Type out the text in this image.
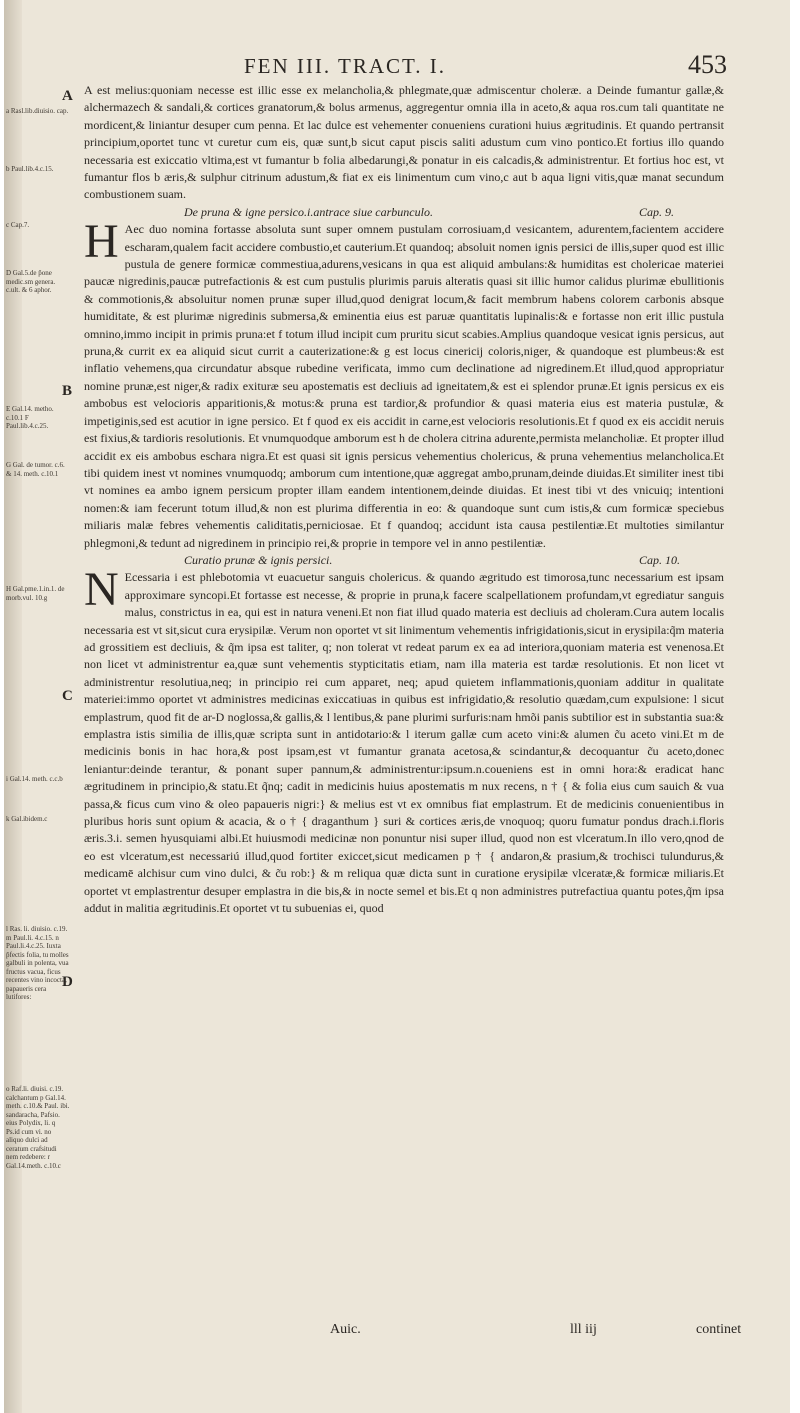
FEN III. TRACT. I.	453
a Rasl.lib.diuisio. cap.
b Paul.lib.4.c.15.
c Cap.7.
D Gal.5.de p̃one medic.sm genera. c.ult. & 6 aphor.
E Gal.14. metho. c.10.1 F Paul.lib.4.c.25.
G Gal. de tumor. c.6. & 14. meth. c.10.1
H Gal.pme.1.in.1. de morb.vul. 10.g
i Gal.14. meth. c.c.b
k Gal.ibidem.c
l Ras. li. diuisio. c.19. m Paul.li. 4.c.15. n Paul.li.4.c.25. Iuxta p̃fectis folia, tu molles galbuli in polenta, vua fructus vacua, ficus recentes vino incocta, papaueris cera lutifores:
o Raf.li. diuisi. c.19. calchantum p Gal.14. meth. c.10.& Paul. ibi. sandaracha, Pafsio. eius Polydix, li. q Ps.id cum vi. no aliquo dulci ad ceratum crafsitudi nem redebere: r Gal.14.meth. c.10.c
A
B
C
D

A est melius:quoniam necesse est illic esse ex melancholia,& phlegmate,quæ admiscentur choleræ. a Deinde fumantur gallæ,& alchermazech & sandali,& cortices granatorum,& bolus armenus, aggregentur omnia illa in aceto,& aqua ros.cum tali quantitate ne mordicent,& liniantur desuper cum penna. Et lac dulce est vehementer conueniens curationi huius ægritudinis. Et quando pertransit principium,oportet tunc vt curetur cum eis, quæ sunt,b sicut caput piscis saliti adustum cum vino pontico.Et fortius illo quando necessaria est exiccatio vltima,est vt fumantur b folia albedarungi,& ponatur in eis calcadis,& administrentur. Et fortius hoc est, vt fumantur flos b æris,& sulphur citrinum adustum,& fiat ex eis linimentum cum vino,c aut b aqua ligni vitis,quæ manat secundum combustionem suam.

De pruna & igne persico.i.antrace siue carbunculo.	Cap. 9.

H Aec duo nomina fortasse absoluta sunt super omnem pustulam corrosiuam,d vesicantem, adurentem,facientem accidere escharam,qualem facit accidere combustio,et cauterium.Et quandoq; absoluit nomen ignis persici de illis,super quod est illic pustula de genere formicæ commestiua,adurens,vesicans in qua est aliquid ambulans:& humiditas est cholericae materiei paucæ nigredinis,paucæ putrefactionis & est cum pustulis plurimis paruis alteratis quasi sit illic humor calidus plurimæ ebullitionis & commotionis,& absoluitur nomen prunæ super illud,quod denigrat locum,& facit membrum habens colorem carbonis absque humiditate, & est plurimæ nigredinis submersa,& eminentia eius est paruæ quantitatis lupinalis:& e fortasse non erit illic pustula omnino,immo incipit in primis pruna:et f totum illud incipit cum pruritu sicut scabies.Amplius quandoque vesicat ignis persicus, aut pruna,& currit ex ea aliquid sicut currit a cauterizatione:& g est locus cinericij coloris,niger, & quandoque est plumbeus:& est inflatio vehemens,qua circundatur absque rubedine verificata, immo cum declinatione ad nigredinem.Et illud,quod appropriatur nomine prunæ,est niger,& radix exituræ seu apostematis est decliuis ad igneitatem,& est ei splendor prunæ.Et ignis persicus ex eis ambobus est velocioris apparitionis,& motus:& pruna est tardior,& profundior & quasi materia eius est materia pustulæ, & impetiginis,sed est acutior in igne persico. Et f quod ex eis accidit in carne,est velocioris resolutionis.Et f quod ex eis accidit neruis est fixius,& tardioris resolutionis. Et vnumquodque amborum est h de cholera citrina adurente,permista melancholiæ. Et propter illud accidit ex eis ambobus eschara nigra.Et est quasi sit ignis persicus vehementius cholericus, & pruna vehementius melancholica.Et tibi quidem inest vt nomines vnumquodq; amborum cum intentione,quæ aggregat ambo,prunam,deinde diuidas.Et similiter inest tibi vt nomines ea ambo ignem persicum propter illam eandem intentionem,deinde diuidas. Et inest tibi vt des vnicuiq; intentioni nomen:& iam fecerunt totum illud,& non est plurima differentia in eo: & quandoque sunt cum istis,& cum formicæ speciebus miliaris malæ febres vehementis caliditatis,perniciosae. Et f quandoq; accidunt ista causa pestilentiæ.Et multoties similantur phlegmoni,& tedunt ad nigredinem in principio rei,& proprie in tempore vel in anno pestilentiæ.

Curatio prunæ & ignis persici.	Cap. 10.

N Ecessaria i est phlebotomia vt euacuetur sanguis cholericus. & quando ægritudo est timorosa,tunc necessarium est ipsam approximare syncopi.Et fortasse est necesse, & proprie in pruna,k facere scalpellationem profundam,vt egrediatur sanguis malus, constrictus in ea, qui est in natura veneni.Et non fiat illud quado materia est decliuis ad choleram.Cura autem localis necessaria est vt sit,sicut cura erysipilæ. Verum non oportet vt sit linimentum vehementis infrigidationis,sicut in erysipila:q̃m materia ad grossitiem est decliuis, & q̃m ipsa est taliter, q; non tolerat vt redeat parum ex ea ad interiora,quoniam materia est venenosa.Et non licet vt administrentur ea,quæ sunt vehementis stypticitatis etiam, nam illa materia est tardæ resolutionis. Et non licet vt administrentur resolutiua,neq; in principio rei cum apparet, neq; apud quietem inflammationis,quoniam additur in qualitate materiei:immo oportet vt administres medicinas exiccatiuas in quibus est infrigidatio,& resolutio quædam,cum expulsione: l sicut emplastrum, quod fit de ar-D noglossa,& gallis,& l lentibus,& pane plurimi surfuris:nam hmõi panis subtilior est in substantia sua:& emplastra istis similia de illis,quæ scripta sunt in antidotario:& l iterum gallæ cum aceto vini:& alumen c̃u aceto vini.Et m de medicinis bonis in hac hora,& post ipsam,est vt fumantur granata acetosa,& scindantur,& decoquantur c̃u aceto,donec leniantur:deinde terantur, & ponant super pannum,& administrentur:ipsum.n.coueniens est in omni hora:& eradicat hanc ægritudinem in principio,& statu.Et q̃nq; cadit in medicinis huius apostematis m nux recens, n † { & folia eius cum sauich & vua passa,& ficus cum vino & oleo papaueris nigri:} & melius est vt ex omnibus fiat emplastrum. Et de medicinis conuenientibus in pluribus horis sunt opium & acacia, & o † { draganthum } suri & cortices æris,de vnoquoq; quoru fumatur pondus drach.i.floris æris.3.i. semen hyusquiami albi.Et huiusmodi medicinæ non ponuntur nisi super illud, quod non est vlceratum.In illo vero,qnod de eo est vlceratum,est necessariú illud,quod fortiter exiccet,sicut medicamen p † { andaron,& prasium,& trochisci tulundurus,& medicamē alchisur cum vino dulci, & c̃u rob:} & m reliqua quæ dicta sunt in curatione erysipilæ vlceratæ,& formicæ miliaris.Et oportet vt emplastrentur desuper emplastra in die bis,& in nocte semel et bis.Et q non administres putrefactiua quantu potes,q̃m ipsa addut in malitia ægritudinis.Et oportet vt tu subuenias ei, quod

Auic.	lll iij	continet
